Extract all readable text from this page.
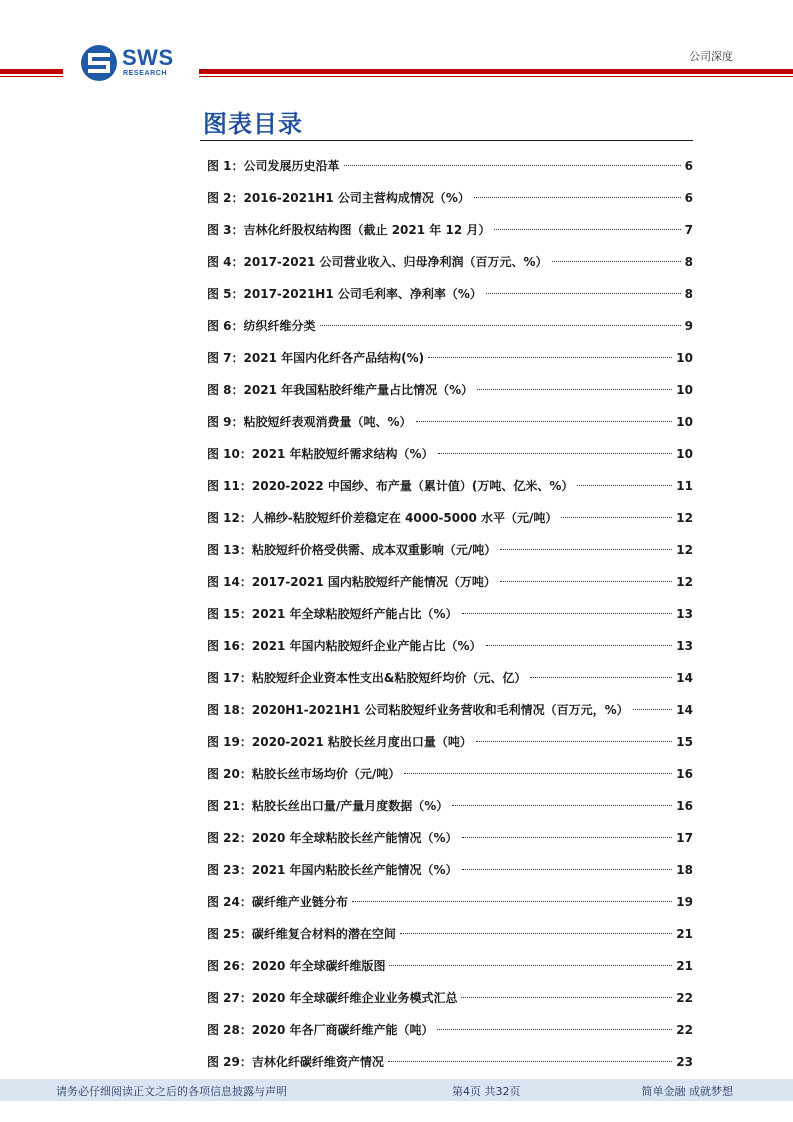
SWS
RESEARCH
公司深度
图表目录
图 1： 公司发展历史沿革	6
图 2： 2016-2021H1 公司主营构成情况（%）	6
图 3： 吉林化纤股权结构图（截止 2021 年 12 月）	7
图 4： 2017-2021 公司营业收入、归母净利润（百万元、%）	8
图 5： 2017-2021H1 公司毛利率、净利率（%）	8
图 6： 纺织纤维分类	9
图 7： 2021 年国内化纤各产品结构(%)	10
图 8： 2021 年我国粘胶纤维产量占比情况（%）	10
图 9： 粘胶短纤表观消费量（吨、%）	10
图 10： 2021 年粘胶短纤需求结构（%）	10
图 11： 2020-2022 中国纱、布产量（累计值）(万吨、亿米、%）	11
图 12： 人棉纱-粘胶短纤价差稳定在 4000-5000 水平（元/吨）	12
图 13： 粘胶短纤价格受供需、成本双重影响（元/吨）	12
图 14： 2017-2021 国内粘胶短纤产能情况（万吨）	12
图 15： 2021 年全球粘胶短纤产能占比（%）	13
图 16： 2021 年国内粘胶短纤企业产能占比（%）	13
图 17： 粘胶短纤企业资本性支出&粘胶短纤均价（元、亿）	14
图 18： 2020H1-2021H1 公司粘胶短纤业务营收和毛利情况（百万元，%）	14
图 19： 2020-2021 粘胶长丝月度出口量（吨）	15
图 20： 粘胶长丝市场均价（元/吨）	16
图 21： 粘胶长丝出口量/产量月度数据（%）	16
图 22： 2020 年全球粘胶长丝产能情况（%）	17
图 23： 2021 年国内粘胶长丝产能情况（%）	18
图 24： 碳纤维产业链分布	19
图 25： 碳纤维复合材料的潜在空间	21
图 26： 2020 年全球碳纤维版图	21
图 27： 2020 年全球碳纤维企业业务模式汇总	22
图 28： 2020 年各厂商碳纤维产能（吨）	22
图 29： 吉林化纤碳纤维资产情况	23
请务必仔细阅读正文之后的各项信息披露与声明	第4页 共32页	简单金融 成就梦想
